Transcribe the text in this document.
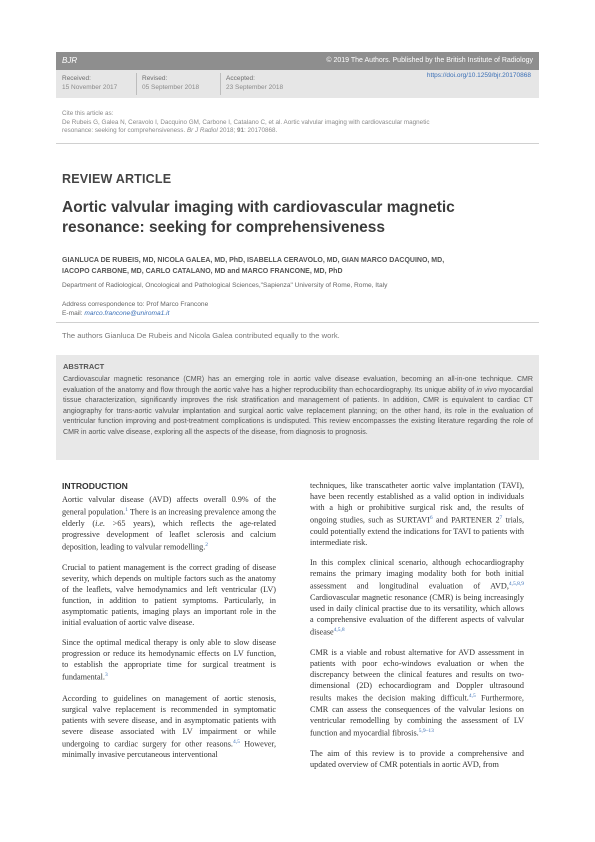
BJR	© 2019 The Authors. Published by the British Institute of Radiology
Received:
15 November 2017
Revised:
05 September 2018
Accepted:
23 September 2018
https://doi.org/10.1259/bjr.20170868
Cite this article as:
De Rubeis G, Galea N, Ceravolo I, Dacquino GM, Carbone I, Catalano C, et al. Aortic valvular imaging with cardiovascular magnetic
resonance: seeking for comprehensiveness. Br J Radiol 2018; 91: 20170868.
REVIEW ARTICLE
Aortic valvular imaging with cardiovascular magnetic
resonance: seeking for comprehensiveness
GIANLUCA DE RUBEIS, MD, NICOLA GALEA, MD, PhD, ISABELLA CERAVOLO, MD, GIAN MARCO DACQUINO, MD,
IACOPO CARBONE, MD, CARLO CATALANO, MD and MARCO FRANCONE, MD, PhD
Department of Radiological, Oncological and Pathological Sciences,"Sapienza" University of Rome, Rome, Italy
Address correspondence to: Prof Marco Francone
E-mail: marco.francone@uniroma1.it
The authors Gianluca De Rubeis and Nicola Galea contributed equally to the work.
ABSTRACT
Cardiovascular magnetic resonance (CMR) has an emerging role in aortic valve disease evaluation, becoming an all-in-one technique. CMR evaluation of the anatomy and flow through the aortic valve has a higher reproducibility than echocardiography. Its unique ability of in vivo myocardial tissue characterization, significantly improves the risk stratification and management of patients. In addition, CMR is equivalent to cardiac CT angiography for trans-aortic valvular implantation and surgical aortic valve replacement planning; on the other hand, its role in the evaluation of ventricular function improving and post-treatment complications is undisputed. This review encompasses the existing literature regarding the role of CMR in aortic valve disease, exploring all the aspects of the disease, from diagnosis to prognosis.
INTRODUCTION

Aortic valvular disease (AVD) affects overall 0.9% of the general population.$^1$ There is an increasing prevalence among the elderly (i.e. >65 years), which reflects the age-related progressive development of leaflet sclerosis and calcium deposition, leading to valvular remodelling.$^2$

Crucial to patient management is the correct grading of disease severity, which depends on multiple factors such as the anatomy of the leaflets, valve hemodynamics and left ventricular (LV) function, in addition to patient symptoms. Particularly, in asymptomatic patients, imaging plays an important role in the initial evaluation of aortic valve disease.

Since the optimal medical therapy is only able to slow disease progression or reduce its hemodynamic effects on LV function, to establish the appropriate time for surgical treatment is fundamental.$^3$

According to guidelines on management of aortic stenosis, surgical valve replacement is recommended in symptomatic patients with severe disease, and in asymptomatic patients with severe disease associated with LV impairment or while undergoing to cardiac surgery for other reasons.$^{4,5}$ However, minimally invasive percutaneous interventional

techniques, like transcatheter aortic valve implantation (TAVI), have been recently established as a valid option in individuals with a high or prohibitive surgical risk and, the results of ongoing studies, such as SURTAVI$^6$ and PARTENER $2^7$ trials, could potentially extend the indications for TAVI to patients with intermediate risk.

In this complex clinical scenario, although echocardiography remains the primary imaging modality both for both initial assessment and longitudinal evaluation of AVD,$^{4,5,8,9}$ Cardiovascular magnetic resonance (CMR) is being increasingly used in daily clinical practise due to its versatility, which allows a comprehensive evaluation of the different aspects of valvular disease$^{4,5,8}$

CMR is a viable and robust alternative for AVD assessment in patients with poor echo-windows evaluation or when the discrepancy between the clinical features and results on two-dimensional (2D) echocardiogram and Doppler ultrasound results makes the decision making difficult.$^{4,5}$ Furthermore, CMR can assess the consequences of the valvular lesions on ventricular remodelling by combining the assessment of LV function and myocardial fibrosis.$^{5,9-13}$

The aim of this review is to provide a comprehensive and updated overview of CMR potentials in aortic AVD, from
